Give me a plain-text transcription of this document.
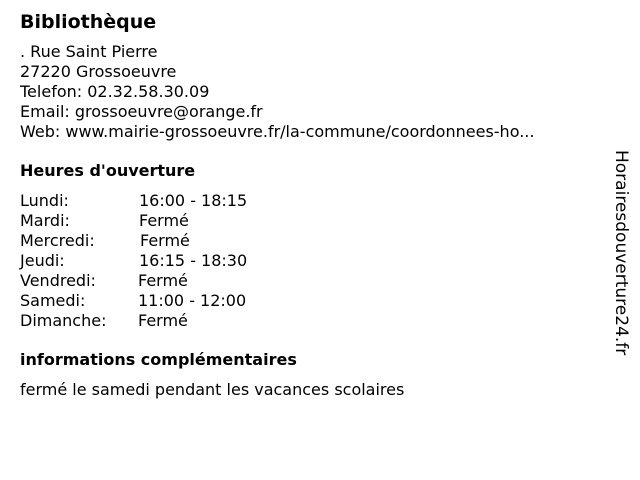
Bibliothèque
. Rue Saint Pierre
27220 Grossoeuvre
Telefon: 02.32.58.30.09
Email: grossoeuvre@orange.fr
Web: www.mairie-grossoeuvre.fr/la-commune/coordonnees-ho...
Heures d'ouverture
Lundi:	16:00 - 18:15
Mardi:	Fermé
Mercredi:	Fermé
Jeudi:	16:15 - 18:30
Vendredi:	Fermé
Samedi:	11:00 - 12:00
Dimanche:	Fermé
informations complémentaires
fermé le samedi pendant les vacances scolaires
Horairesdouverture24.fr
